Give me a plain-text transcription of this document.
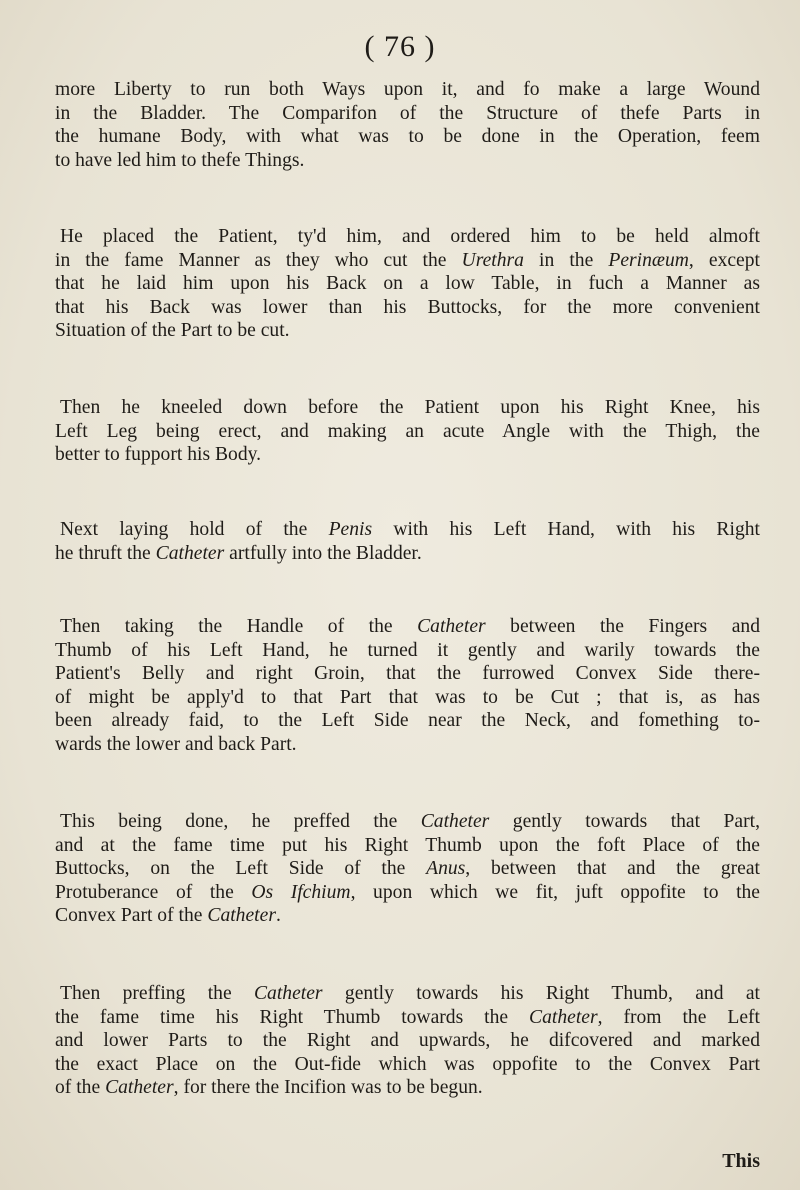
( 76 )
more Liberty to run both Ways upon it, and fo make a large Wound
in the Bladder. The Comparifon of the Structure of thefe Parts in
the humane Body, with what was to be done in the Operation, feem
to have led him to thefe Things.
He placed the Patient, ty'd him, and ordered him to be held almoft
in the fame Manner as they who cut the Urethra in the Perinæum, except
that he laid him upon his Back on a low Table, in fuch a Manner as
that his Back was lower than his Buttocks, for the more convenient
Situation of the Part to be cut.
Then he kneeled down before the Patient upon his Right Knee, his
Left Leg being erect, and making an acute Angle with the Thigh, the
better to fupport his Body.
Next laying hold of the Penis with his Left Hand, with his Right
he thruft the Catheter artfully into the Bladder.
Then taking the Handle of the Catheter between the Fingers and
Thumb of his Left Hand, he turned it gently and warily towards the
Patient's Belly and right Groin, that the furrowed Convex Side there-
of might be apply'd to that Part that was to be Cut ; that is, as has
been already faid, to the Left Side near the Neck, and fomething to-
wards the lower and back Part.
This being done, he preffed the Catheter gently towards that Part,
and at the fame time put his Right Thumb upon the foft Place of the
Buttocks, on the Left Side of the Anus, between that and the great
Protuberance of the Os Ifchium, upon which we fit, juft oppofite to the
Convex Part of the Catheter.
Then preffing the Catheter gently towards his Right Thumb, and at
the fame time his Right Thumb towards the Catheter, from the Left
and lower Parts to the Right and upwards, he difcovered and marked
the exact Place on the Out-fide which was oppofite to the Convex Part
of the Catheter, for there the Incifion was to be begun.
This
